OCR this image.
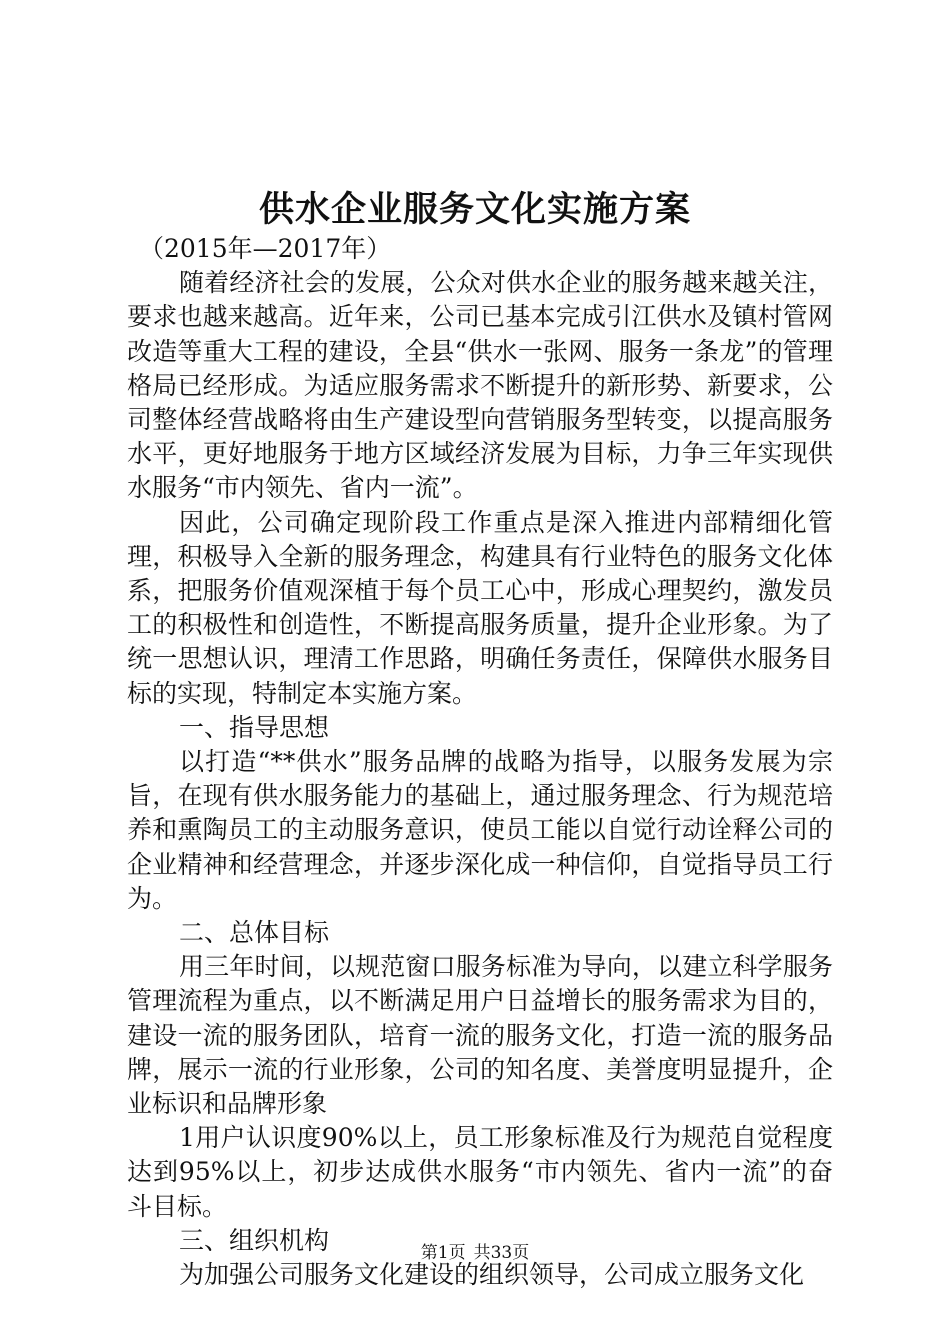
供水企业服务文化实施方案

（2015年—2017年）

随着经济社会的发展，公众对供水企业的服务越来越关注，要求也越来越高。近年来，公司已基本完成引江供水及镇村管网改造等重大工程的建设，全县“供水一张网、服务一条龙”的管理格局已经形成。为适应服务需求不断提升的新形势、新要求，公司整体经营战略将由生产建设型向营销服务型转变，以提高服务水平，更好地服务于地方区域经济发展为目标，力争三年实现供水服务“市内领先、省内一流”。

因此，公司确定现阶段工作重点是深入推进内部精细化管理，积极导入全新的服务理念，构建具有行业特色的服务文化体系，把服务价值观深植于每个员工心中，形成心理契约，激发员工的积极性和创造性，不断提高服务质量，提升企业形象。为了统一思想认识，理清工作思路，明确任务责任，保障供水服务目标的实现，特制定本实施方案。

一、指导思想

以打造“**供水”服务品牌的战略为指导，以服务发展为宗旨，在现有供水服务能力的基础上，通过服务理念、行为规范培养和熏陶员工的主动服务意识，使员工能以自觉行动诠释公司的企业精神和经营理念，并逐步深化成一种信仰，自觉指导员工行为。

二、总体目标

用三年时间，以规范窗口服务标准为导向，以建立科学服务管理流程为重点，以不断满足用户日益增长的服务需求为目的，建设一流的服务团队，培育一流的服务文化，打造一流的服务品牌，展示一流的行业形象，公司的知名度、美誉度明显提升，企业标识和品牌形象

1用户认识度90%以上，员工形象标准及行为规范自觉程度达到95%以上，初步达成供水服务“市内领先、省内一流”的奋斗目标。

三、组织机构

为加强公司服务文化建设的组织领导，公司成立服务文化

第1页 共33页
